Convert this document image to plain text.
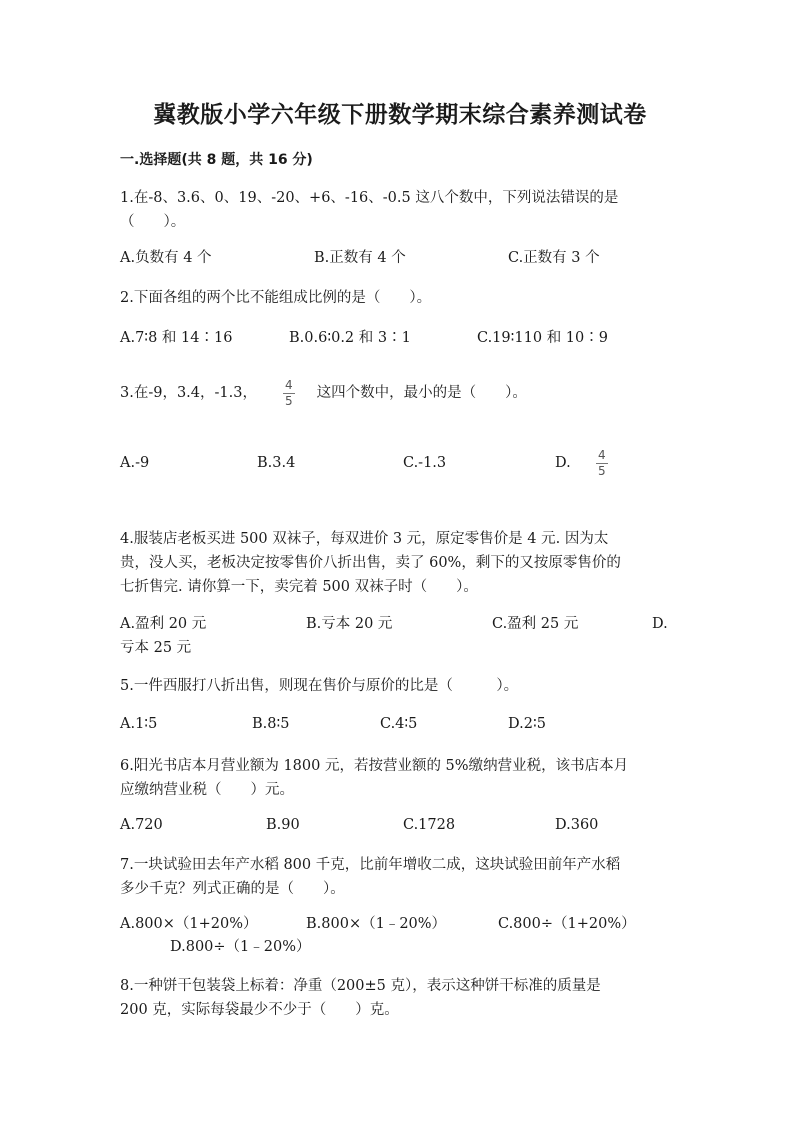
冀教版小学六年级下册数学期末综合素养测试卷
一.选择题(共 8 题，共 16 分)
1.在-8、3.6、0、19、-20、+6、-16、-0.5 这八个数中，下列说法错误的是
（　　）。
A.负数有 4 个	B.正数有 4 个	C.正数有 3 个
2.下面各组的两个比不能组成比例的是（　　）。
A.7∶8 和 14∶16	B.0.6∶0.2 和 3∶1	C.19∶110 和 10∶9
3.在-9，3.4，-1.3， $\frac{4}{5}$ 这四个数中，最小的是（　　）。
A.-9	B.3.4	C.-1.3	D. $\frac{4}{5}$
4.服装店老板买进 500 双袜子，每双进价 3 元，原定零售价是 4 元. 因为太
贵，没人买，老板决定按零售价八折出售，卖了 60%，剩下的又按原零售价的
七折售完. 请你算一下，卖完着 500 双袜子时（　　）。
A.盈利 20 元	B.亏本 20 元	C.盈利 25 元	D.
亏本 25 元
5.一件西服打八折出售，则现在售价与原价的比是（　　　）。
A.1∶5	B.8∶5	C.4∶5	D.2∶5
6.阳光书店本月营业额为 1800 元，若按营业额的 5%缴纳营业税，该书店本月
应缴纳营业税（　　）元。
A.720	B.90	C.1728	D.360
7.一块试验田去年产水稻 800 千克，比前年增收二成，这块试验田前年产水稻
多少千克？列式正确的是（　　）。
A.800×（1+20%）	B.800×（1﹣20%）	C.800÷（1+20%）
D.800÷（1﹣20%）
8.一种饼干包装袋上标着：净重（200±5 克），表示这种饼干标准的质量是
200 克，实际每袋最少不少于（　　）克。
